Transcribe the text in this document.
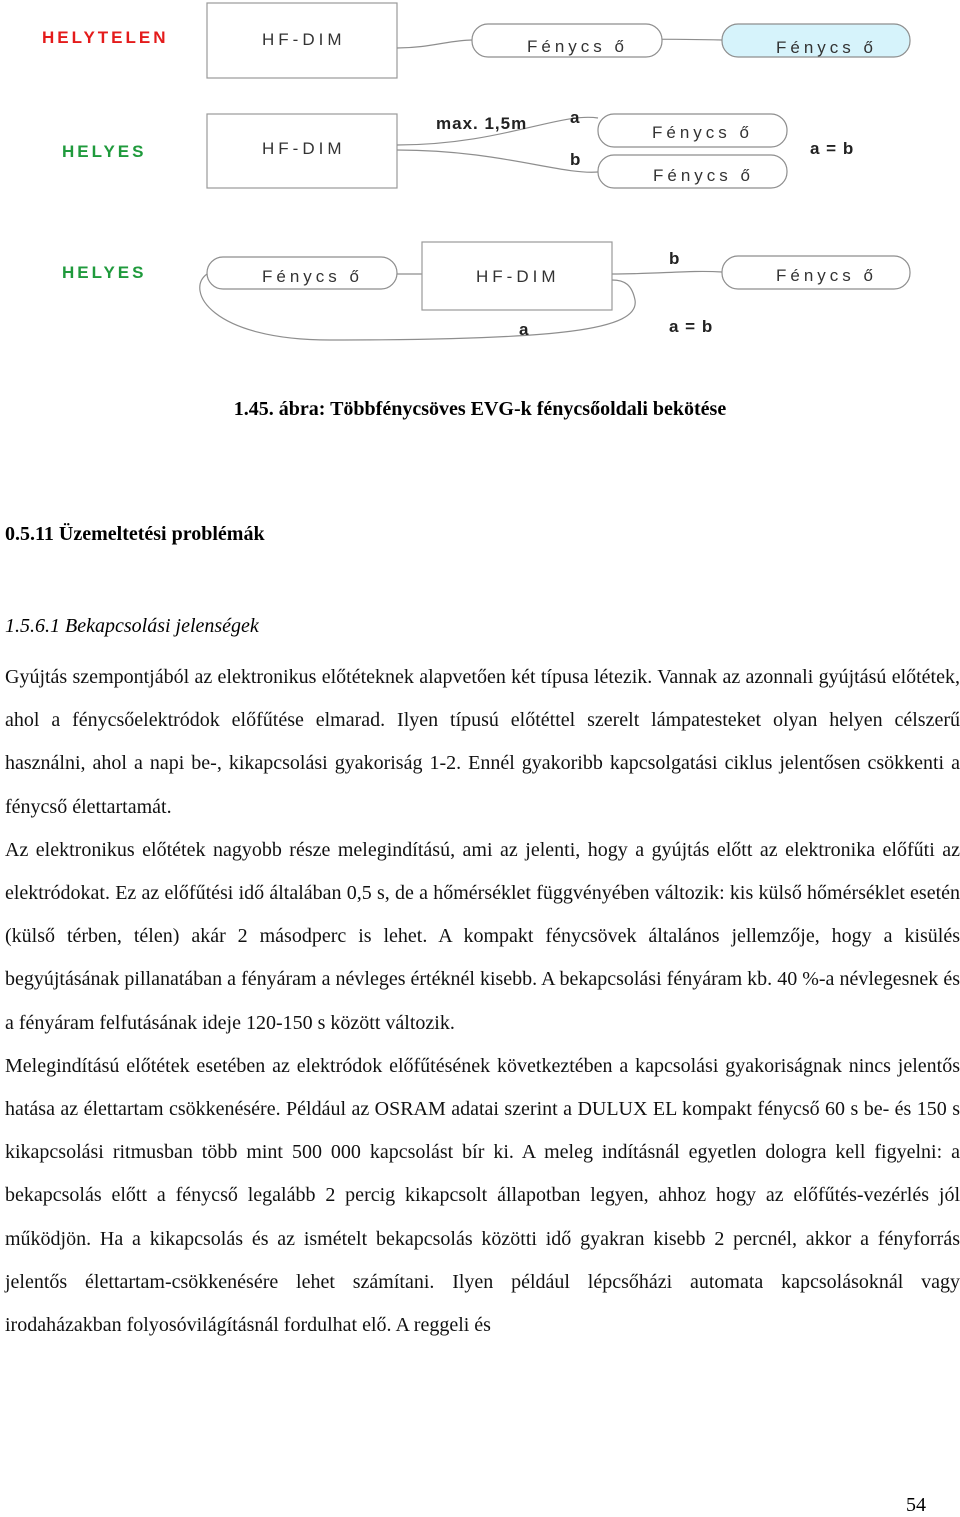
HELYTELEN	HF-DIM	Fénycs ő	Fénycs ő
HELYES	HF-DIM
max. 1,5m	a
b
Fénycs ő
Fénycs ő
a = b
HELYES	Fénycs ő	HF-DIM
b
Fénycs ő
a	a = b
1.45. ábra: Többfénycsöves EVG-k fénycsőoldali bekötése
0.5.11 Üzemeltetési problémák
1.5.6.1 Bekapcsolási jelenségek

Gyújtás szempontjából az elektronikus előtéteknek alapvetően két típusa létezik. Vannak az azonnali gyújtású előtétek, ahol a fénycsőelektródok előfűtése elmarad. Ilyen típusú előtéttel szerelt lámpatesteket olyan helyen célszerű használni, ahol a napi be-, kikapcsolási gyakoriság 1-2. Ennél gyakoribb kapcsolgatási ciklus jelentősen csökkenti a fénycső élettartamát.

Az elektronikus előtétek nagyobb része melegindítású, ami az jelenti, hogy a gyújtás előtt az elektronika előfűti az elektródokat. Ez az előfűtési idő általában 0,5 s, de a hőmérséklet függvényében változik: kis külső hőmérséklet esetén (külső térben, télen) akár 2 másodperc is lehet. A kompakt fénycsövek általános jellemzője, hogy a kisülés begyújtásának pillanatában a fényáram a névleges értéknél kisebb. A bekapcsolási fényáram kb. 40 %-a névlegesnek és a fényáram felfutásának ideje 120-150 s között változik.

Melegindítású előtétek esetében az elektródok előfűtésének következtében a kapcsolási gyakoriságnak nincs jelentős hatása az élettartam csökkenésére. Például az OSRAM adatai szerint a DULUX EL kompakt fénycső 60 s be- és 150 s kikapcsolási ritmusban több mint 500 000 kapcsolást bír ki. A meleg indításnál egyetlen dologra kell figyelni: a bekapcsolás előtt a fénycső legalább 2 percig kikapcsolt állapotban legyen, ahhoz hogy az előfűtés-vezérlés jól működjön. Ha a kikapcsolás és az ismételt bekapcsolás közötti idő gyakran kisebb 2 percnél, akkor a fényforrás jelentős élettartam-csökkenésére lehet számítani. Ilyen például lépcsőházi automata kapcsolásoknál vagy irodaházakban folyosóvilágításnál fordulhat elő. A reggeli és

54
